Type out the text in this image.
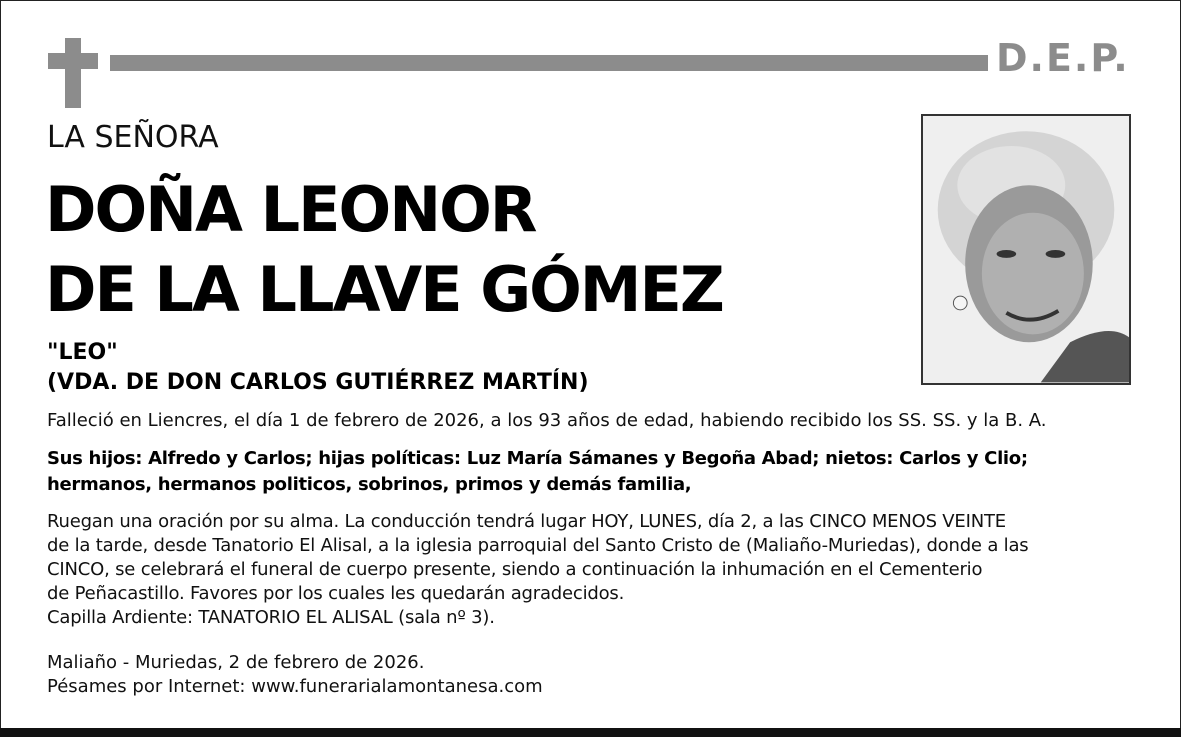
D.E.P.
LA SEÑORA
DOÑA LEONOR
DE LA LLAVE GÓMEZ
"LEO"
(VDA. DE DON CARLOS GUTIÉRREZ MARTÍN)
Falleció en Liencres, el día 1 de febrero de 2026, a los 93 años de edad, habiendo recibido los SS. SS. y la B. A.
Sus hijos: Alfredo y Carlos; hijas políticas: Luz María Sámanes y Begoña Abad; nietos: Carlos y Clio;
hermanos, hermanos politicos, sobrinos, primos y demás familia,
Ruegan una oración por su alma. La conducción tendrá lugar HOY, LUNES, día 2, a las CINCO MENOS VEINTE
de la tarde, desde Tanatorio El Alisal, a la iglesia parroquial del Santo Cristo de (Maliaño-Muriedas), donde a las
CINCO, se celebrará el funeral de cuerpo presente, siendo a continuación la inhumación en el Cementerio
de Peñacastillo. Favores por los cuales les quedarán agradecidos.
Capilla Ardiente: TANATORIO EL ALISAL (sala nº 3).
Maliaño - Muriedas, 2 de febrero de 2026.
Pésames por Internet: www.funerarialamontanesa.com
